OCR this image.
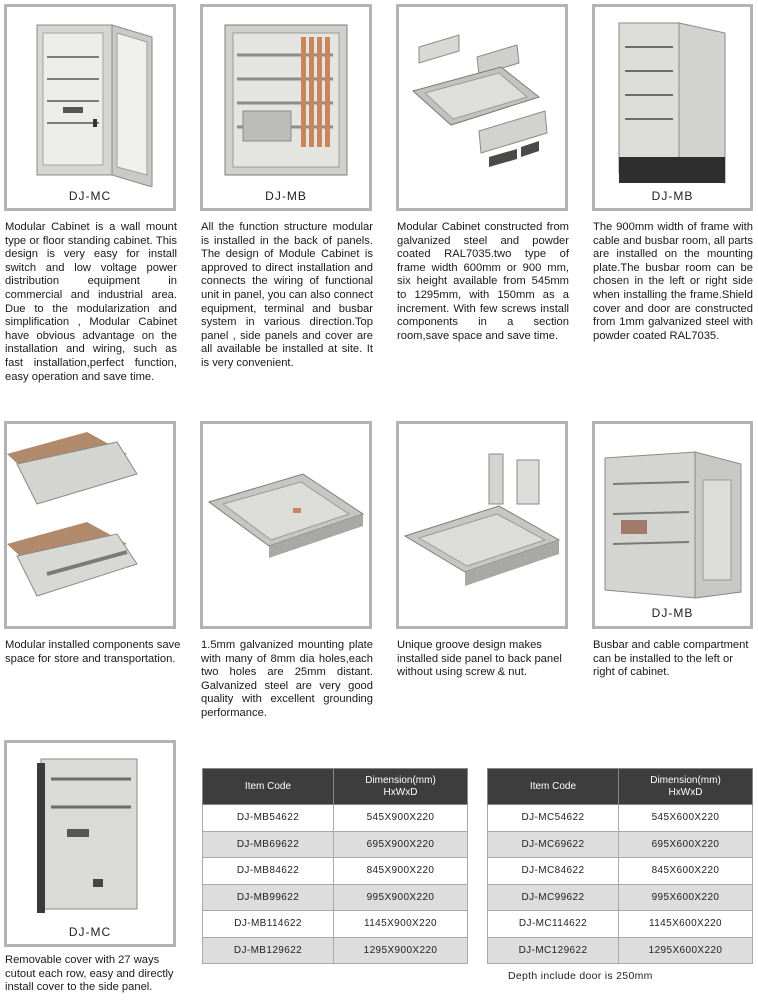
DJ-MC
Modular Cabinet is a wall mount type or floor standing cabinet. This design is very easy for install switch and low voltage power distribution equipment in commercial and industrial area. Due to the modularization and simplification , Modular Cabinet have obvious advantage on the installation and wiring, such as fast installation,perfect function, easy operation and save time.
DJ-MB
All the function structure modular is installed in the back of panels. The design of Module Cabinet is approved to direct installation and connects the wiring of functional unit in panel, you can also connect equipment, terminal and busbar system in various direction.Top panel , side panels and cover are all available be installed at site. It is very convenient.
Modular Cabinet constructed from galvanized steel and powder coated RAL7035.two type of frame width 600mm or 900 mm, six height available from 545mm to 1295mm, with 150mm as a increment. With few screws install components in a section room,save space and save time.
DJ-MB
The 900mm width of frame with cable and busbar room, all parts are installed on the mounting plate.The busbar room can be chosen in the left or right side when installing the frame.Shield cover and door are constructed from 1mm galvanized steel with powder coated RAL7035.
Modular installed components save space for store and transportation.
1.5mm galvanized mounting plate with many of 8mm dia holes,each two holes are 25mm distant. Galvanized steel are very good quality with excellent grounding performance.
Unique groove design makes installed side panel to back panel without using screw & nut.
DJ-MB
Busbar and cable compartment can be installed to the left or right of cabinet.
DJ-MC
Removable cover with 27 ways cutout each row, easy and directly install cover to the side panel.
Item Code	Dimension(mm)
HxWxD
DJ-MB54622	545X900X220
DJ-MB69622	695X900X220
DJ-MB84622	845X900X220
DJ-MB99622	995X900X220
DJ-MB114622	1145X900X220
DJ-MB129622	1295X900X220
Item Code	Dimension(mm)
HxWxD
DJ-MC54622	545X600X220
DJ-MC69622	695X600X220
DJ-MC84622	845X600X220
DJ-MC99622	995X600X220
DJ-MC114622	1145X600X220
DJ-MC129622	1295X600X220
Depth include door is 250mm
